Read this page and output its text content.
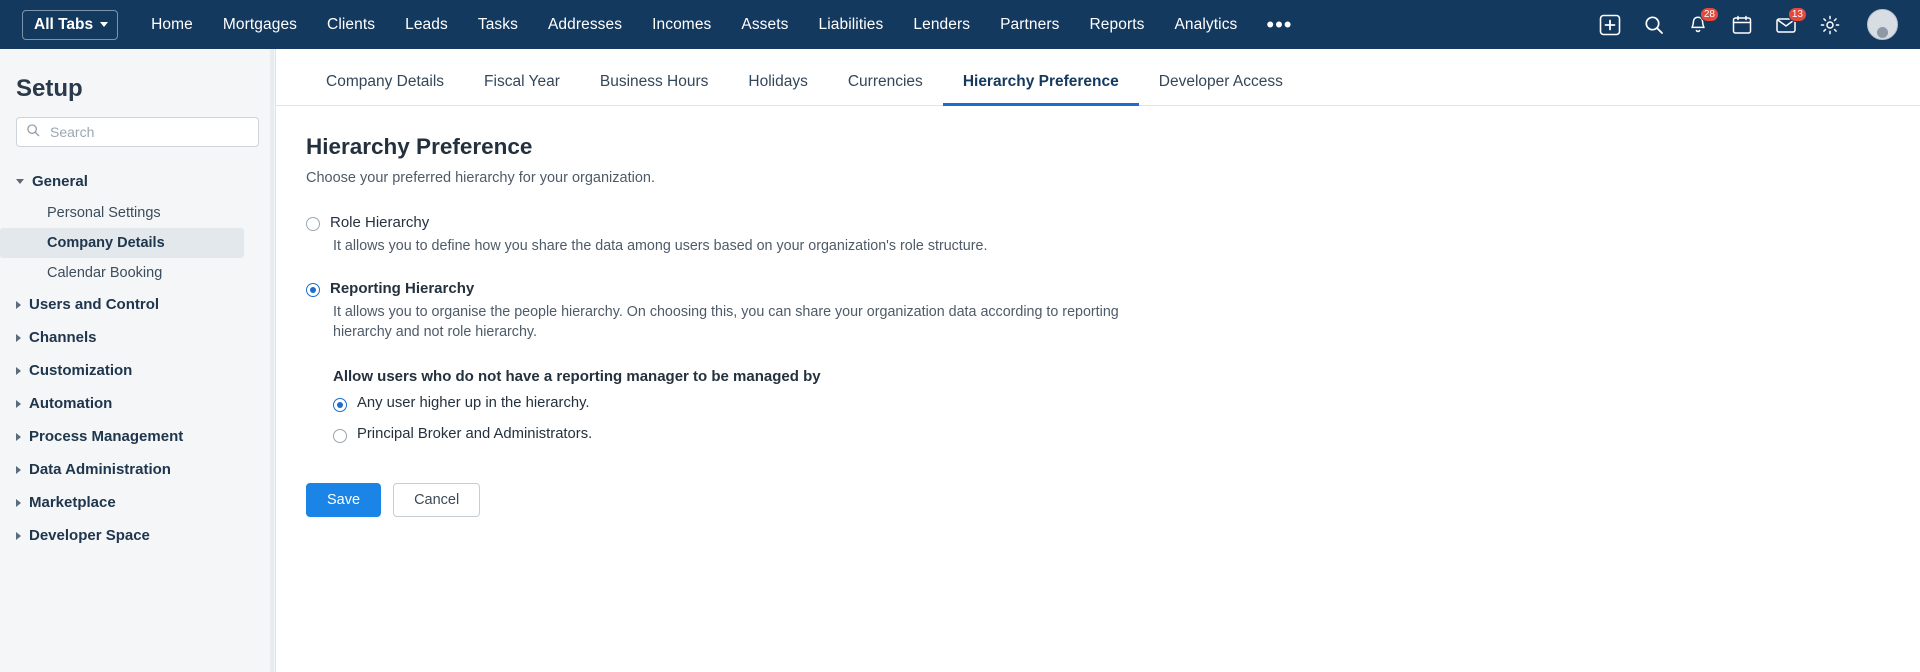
All Tabs	Home	Mortgages	Clients	Leads	Tasks	Addresses	Incomes	Assets	Liabilities	Lenders	Partners	Reports	Analytics	•••	28	13
Setup
Search
General
Personal Settings
Company Details
Calendar Booking
Users and Control
Channels
Customization
Automation
Process Management
Data Administration
Marketplace
Developer Space
Company Details	Fiscal Year	Business Hours	Holidays	Currencies	Hierarchy Preference	Developer Access
Hierarchy Preference
Choose your preferred hierarchy for your organization.
Role Hierarchy
It allows you to define how you share the data among users based on your organization's role structure.
Reporting Hierarchy
It allows you to organise the people hierarchy. On choosing this, you can share your organization data according to reporting hierarchy and not role hierarchy.
Allow users who do not have a reporting manager to be managed by
Any user higher up in the hierarchy.
Principal Broker and Administrators.
Save	Cancel
